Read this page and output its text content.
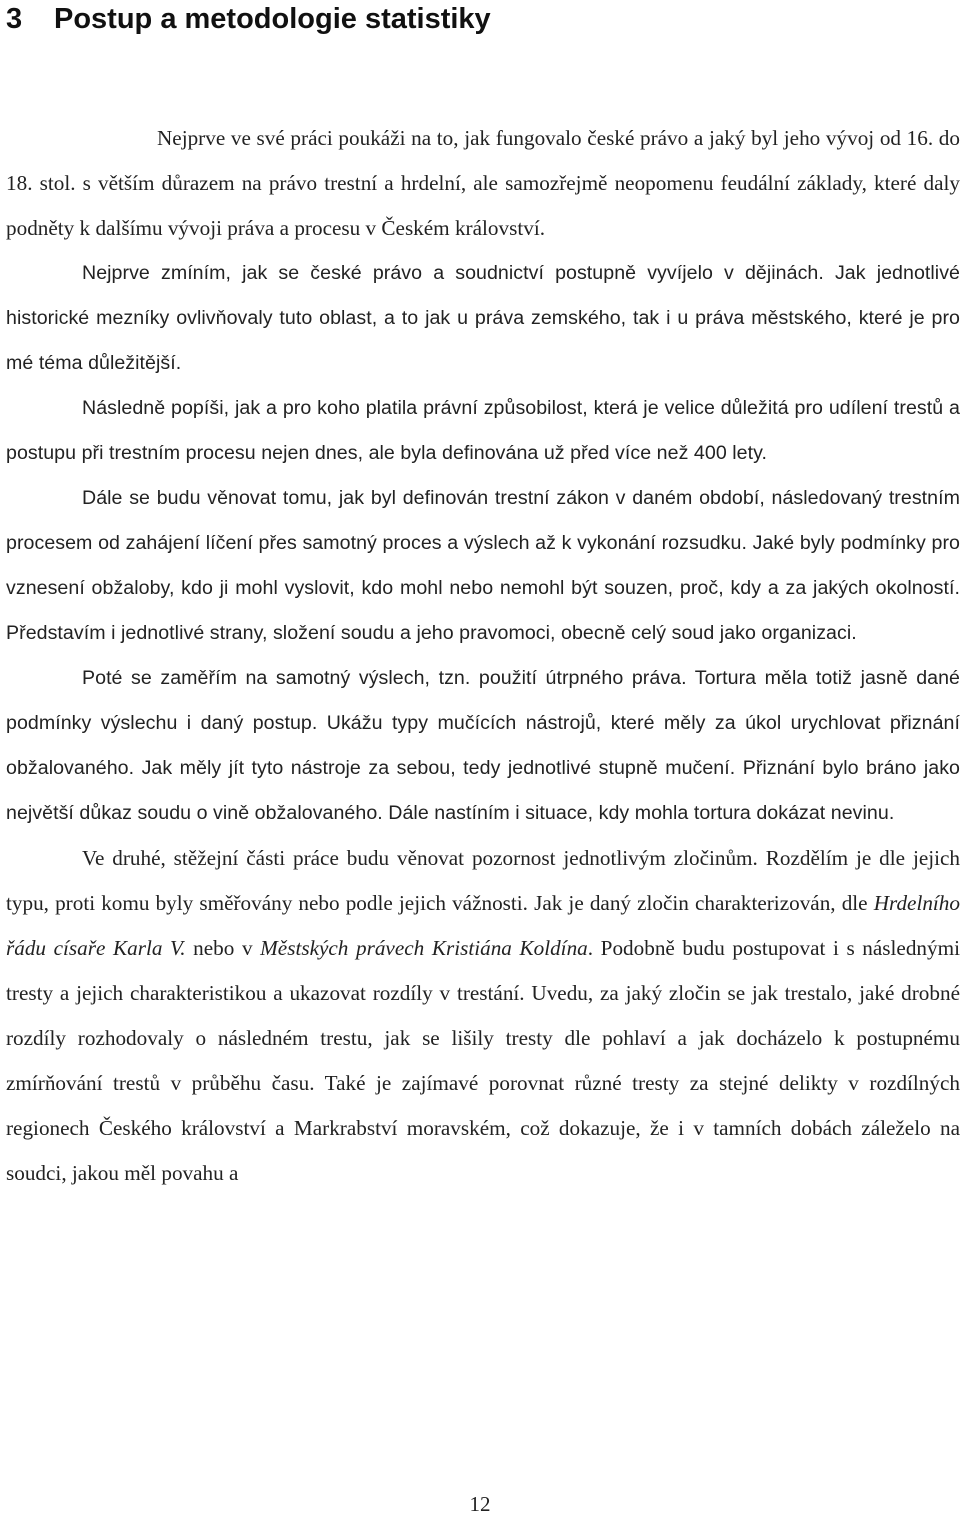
3 Postup a metodologie statistiky

Nejprve ve své práci poukáži na to, jak fungovalo české právo a jaký byl jeho vývoj od 16. do 18. stol. s větším důrazem na právo trestní a hrdelní, ale samozřejmě neopomenu feudální základy, které daly podněty k dalšímu vývoji práva a procesu v Českém království.

Nejprve zmíním, jak se české právo a soudnictví postupně vyvíjelo v dějinách. Jak jednotlivé historické mezníky ovlivňovaly tuto oblast, a to jak u práva zemského, tak i u práva městského, které je pro mé téma důležitější.

Následně popíši, jak a pro koho platila právní způsobilost, která je velice důležitá pro udílení trestů a postupu při trestním procesu nejen dnes, ale byla definována už před více než 400 lety.

Dále se budu věnovat tomu, jak byl definován trestní zákon v daném období, následovaný trestním procesem od zahájení líčení přes samotný proces a výslech až k vykonání rozsudku. Jaké byly podmínky pro vznesení obžaloby, kdo ji mohl vyslovit, kdo mohl nebo nemohl být souzen, proč, kdy a za jakých okolností. Představím i jednotlivé strany, složení soudu a jeho pravomoci, obecně celý soud jako organizaci.

Poté se zaměřím na samotný výslech, tzn. použití útrpného práva. Tortura měla totiž jasně dané podmínky výslechu i daný postup. Ukážu typy mučících nástrojů, které měly za úkol urychlovat přiznání obžalovaného. Jak měly jít tyto nástroje za sebou, tedy jednotlivé stupně mučení. Přiznání bylo bráno jako největší důkaz soudu o vině obžalovaného. Dále nastíním i situace, kdy mohla tortura dokázat nevinu.

Ve druhé, stěžejní části práce budu věnovat pozornost jednotlivým zločinům. Rozdělím je dle jejich typu, proti komu byly směřovány nebo podle jejich vážnosti. Jak je daný zločin charakterizován, dle Hrdelního řádu císaře Karla V. nebo v Městských právech Kristiána Koldína. Podobně budu postupovat i s následnými tresty a jejich charakteristikou a ukazovat rozdíly v trestání. Uvedu, za jaký zločin se jak trestalo, jaké drobné rozdíly rozhodovaly o následném trestu, jak se lišily tresty dle pohlaví a jak docházelo k postupnému zmírňování trestů v průběhu času. Také je zajímavé porovnat různé tresty za stejné delikty v rozdílných regionech Českého království a Markrabství moravském, což dokazuje, že i v tamních dobách záleželo na soudci, jakou měl povahu a

12
